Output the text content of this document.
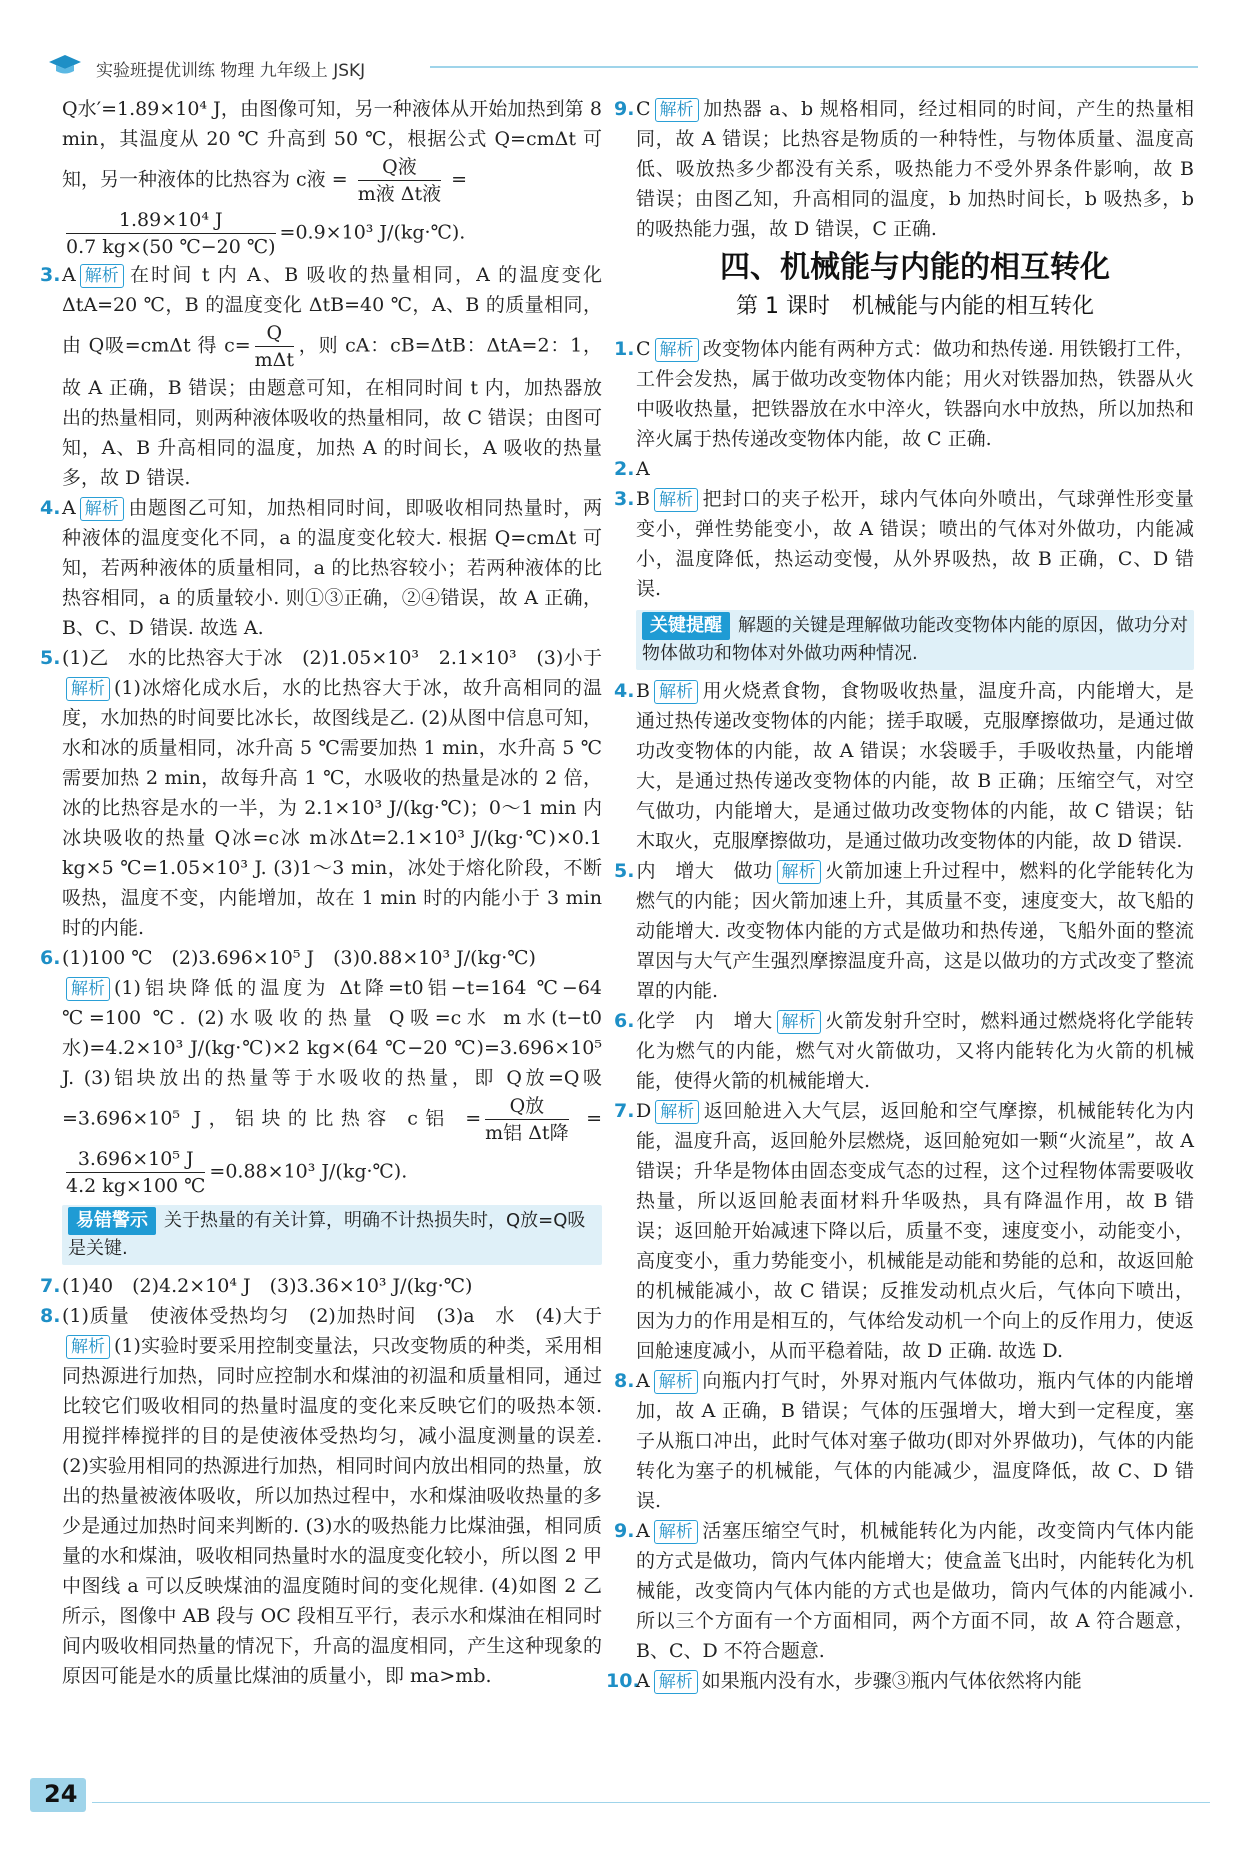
实验班提优训练 物理 九年级上 JSKJ

Q水′=1.89×10⁴ J，由图像可知，另一种液体从开始加热到第 8 min，其温度从 20 ℃ 升高到 50 ℃，根据公式 Q=cmΔt 可知，另一种液体的比热容为 c液 = $\frac{\text{Q液}}{\text{m液 Δt液}}$ =

$\frac{\text{1.89×10⁴ J}}{0.7 kg\times(50 ℃-20 ℃)} =0.9\times 10^3$ J/(kg·℃).

3.A 解析 在时间 t 内 A、B 吸收的热量相同，A 的温度变化 ΔtA=20 ℃，B 的温度变化 ΔtB=40 ℃，A、B 的质量相同，由 Q吸=cmΔt 得 $c= \frac{Q}{\text{mΔt}}$ ，则 cA：cB=ΔtB：ΔtA=2：1，故 A 正确，B 错误；由题意可知，在相同时间 t 内，加热器放出的热量相同，则两种液体吸收的热量相同，故 C 错误；由图可知，A、B 升高相同的温度，加热 A 的时间长，A 吸收的热量多，故 D 错误.

4.A 解析 由题图乙可知，加热相同时间，即吸收相同热量时，两种液体的温度变化不同，a 的温度变化较大. 根据 Q=cmΔt 可知，若两种液体的质量相同，a 的比热容较小；若两种液体的比热容相同，a 的质量较小. 则①③正确，②④错误，故 A 正确，B、C、D 错误. 故选 A.

5.(1)乙　水的比热容大于冰　(2)1.05×10³　2.1×10³　(3)小于解析 (1)冰熔化成水后，水的比热容大于冰，故升高相同的温度，水加热的时间要比冰长，故图线是乙. (2)从图中信息可知，水和冰的质量相同，冰升高 5 ℃需要加热 1 min，水升高 5 ℃需要加热 2 min，故每升高 1 ℃，水吸收的热量是冰的 2 倍，冰的比热容是水的一半，为 2.1×10³ J/(kg·℃)；0～1 min 内冰块吸收的热量 Q冰=c冰 m冰Δt=2.1×10³ J/(kg·℃)×0.1 kg×5 ℃=1.05×10³ J. (3)1～3 min，冰处于熔化阶段，不断吸热，温度不变，内能增加，故在 1 min 时的内能小于 3 min 时的内能.

6.(1)100 ℃　(2)3.696×10⁵ J　(3)0.88×10³ J/(kg·℃)
解析 (1)铝块降低的温度为 Δt降=t0铝−t=164 ℃−64 ℃=100 ℃. (2)水吸收的热量 Q吸=c水 m水(t−t0水)=4.2×10³ J/(kg·℃)×2 kg×(64 ℃−20 ℃)=3.696×10⁵ J. (3)铝块放出的热量等于水吸收的热量，即 Q放=Q吸=3.696×10⁵ J，铝块的比热容 c铝 = $\frac{\text{Q放}}{\text{m铝 Δt降}}$ =
$\frac{\text{3.696×10⁵ J}}{4.2 kg\times 100 ℃} =0.88\times 10^3$ J/(kg·℃).

易错警示 关于热量的有关计算，明确不计热损失时，Q放=Q吸是关键.

7.(1)40　(2)4.2×10⁴ J　(3)3.36×10³ J/(kg·℃)

8.(1)质量　使液体受热均匀　(2)加热时间　(3)a　水　(4)大于解析 (1)实验时要采用控制变量法，只改变物质的种类，采用相同热源进行加热，同时应控制水和煤油的初温和质量相同，通过比较它们吸收相同的热量时温度的变化来反映它们的吸热本领. 用搅拌棒搅拌的目的是使液体受热均匀，减小温度测量的误差. (2)实验用相同的热源进行加热，相同时间内放出相同的热量，放出的热量被液体吸收，所以加热过程中，水和煤油吸收热量的多少是通过加热时间来判断的. (3)水的吸热能力比煤油强，相同质量的水和煤油，吸收相同热量时水的温度变化较小，所以图 2 甲中图线 a 可以反映煤油的温度随时间的变化规律. (4)如图 2 乙所示，图像中 AB 段与 OC 段相互平行，表示水和煤油在相同时间内吸收相同热量的情况下，升高的温度相同，产生这种现象的原因可能是水的质量比煤油的质量小，即 ma>mb.

9.C 解析 加热器 a、b 规格相同，经过相同的时间，产生的热量相同，故 A 错误；比热容是物质的一种特性，与物体质量、温度高低、吸放热多少都没有关系，吸热能力不受外界条件影响，故 B 错误；由图乙知，升高相同的温度，b 加热时间长，b 吸热多，b 的吸热能力强，故 D 错误，C 正确.

四、机械能与内能的相互转化
第 1 课时　机械能与内能的相互转化

1.C 解析 改变物体内能有两种方式：做功和热传递. 用铁锻打工件，工件会发热，属于做功改变物体内能；用火对铁器加热，铁器从火中吸收热量，把铁器放在水中淬火，铁器向水中放热，所以加热和淬火属于热传递改变物体内能，故 C 正确.

2.A

3.B 解析 把封口的夹子松开，球内气体向外喷出，气球弹性形变量变小，弹性势能变小，故 A 错误；喷出的气体对外做功，内能减小，温度降低，热运动变慢，从外界吸热，故 B 正确，C、D 错误.

关键提醒 解题的关键是理解做功能改变物体内能的原因，做功分对物体做功和物体对外做功两种情况.

4.B 解析 用火烧煮食物，食物吸收热量，温度升高，内能增大，是通过热传递改变物体的内能；搓手取暖，克服摩擦做功，是通过做功改变物体的内能，故 A 错误；水袋暖手，手吸收热量，内能增大，是通过热传递改变物体的内能，故 B 正确；压缩空气，对空气做功，内能增大，是通过做功改变物体的内能，故 C 错误；钻木取火，克服摩擦做功，是通过做功改变物体的内能，故 D 错误.

5.内　增大　做功 解析 火箭加速上升过程中，燃料的化学能转化为燃气的内能；因火箭加速上升，其质量不变，速度变大，故飞船的动能增大. 改变物体内能的方式是做功和热传递，飞船外面的整流罩因与大气产生强烈摩擦温度升高，这是以做功的方式改变了整流罩的内能.

6.化学　内　增大 解析 火箭发射升空时，燃料通过燃烧将化学能转化为燃气的内能，燃气对火箭做功，又将内能转化为火箭的机械能，使得火箭的机械能增大.

7.D 解析 返回舱进入大气层，返回舱和空气摩擦，机械能转化为内能，温度升高，返回舱外层燃烧，返回舱宛如一颗“火流星”，故 A 错误；升华是物体由固态变成气态的过程，这个过程物体需要吸收热量，所以返回舱表面材料升华吸热，具有降温作用，故 B 错误；返回舱开始减速下降以后，质量不变，速度变小，动能变小，高度变小，重力势能变小，机械能是动能和势能的总和，故返回舱的机械能减小，故 C 错误；反推发动机点火后，气体向下喷出，因为力的作用是相互的，气体给发动机一个向上的反作用力，使返回舱速度减小，从而平稳着陆，故 D 正确. 故选 D.

8.A 解析 向瓶内打气时，外界对瓶内气体做功，瓶内气体的内能增加，故 A 正确，B 错误；气体的压强增大，增大到一定程度，塞子从瓶口冲出，此时气体对塞子做功(即对外界做功)，气体的内能转化为塞子的机械能，气体的内能减少，温度降低，故 C、D 错误.

9.A 解析 活塞压缩空气时，机械能转化为内能，改变筒内气体内能的方式是做功，筒内气体内能增大；使盒盖飞出时，内能转化为机械能，改变筒内气体内能的方式也是做功，筒内气体的内能减小. 所以三个方面有一个方面相同，两个方面不同，故 A 符合题意，B、C、D 不符合题意.

10.A 解析 如果瓶内没有水，步骤③瓶内气体依然将内能

24
